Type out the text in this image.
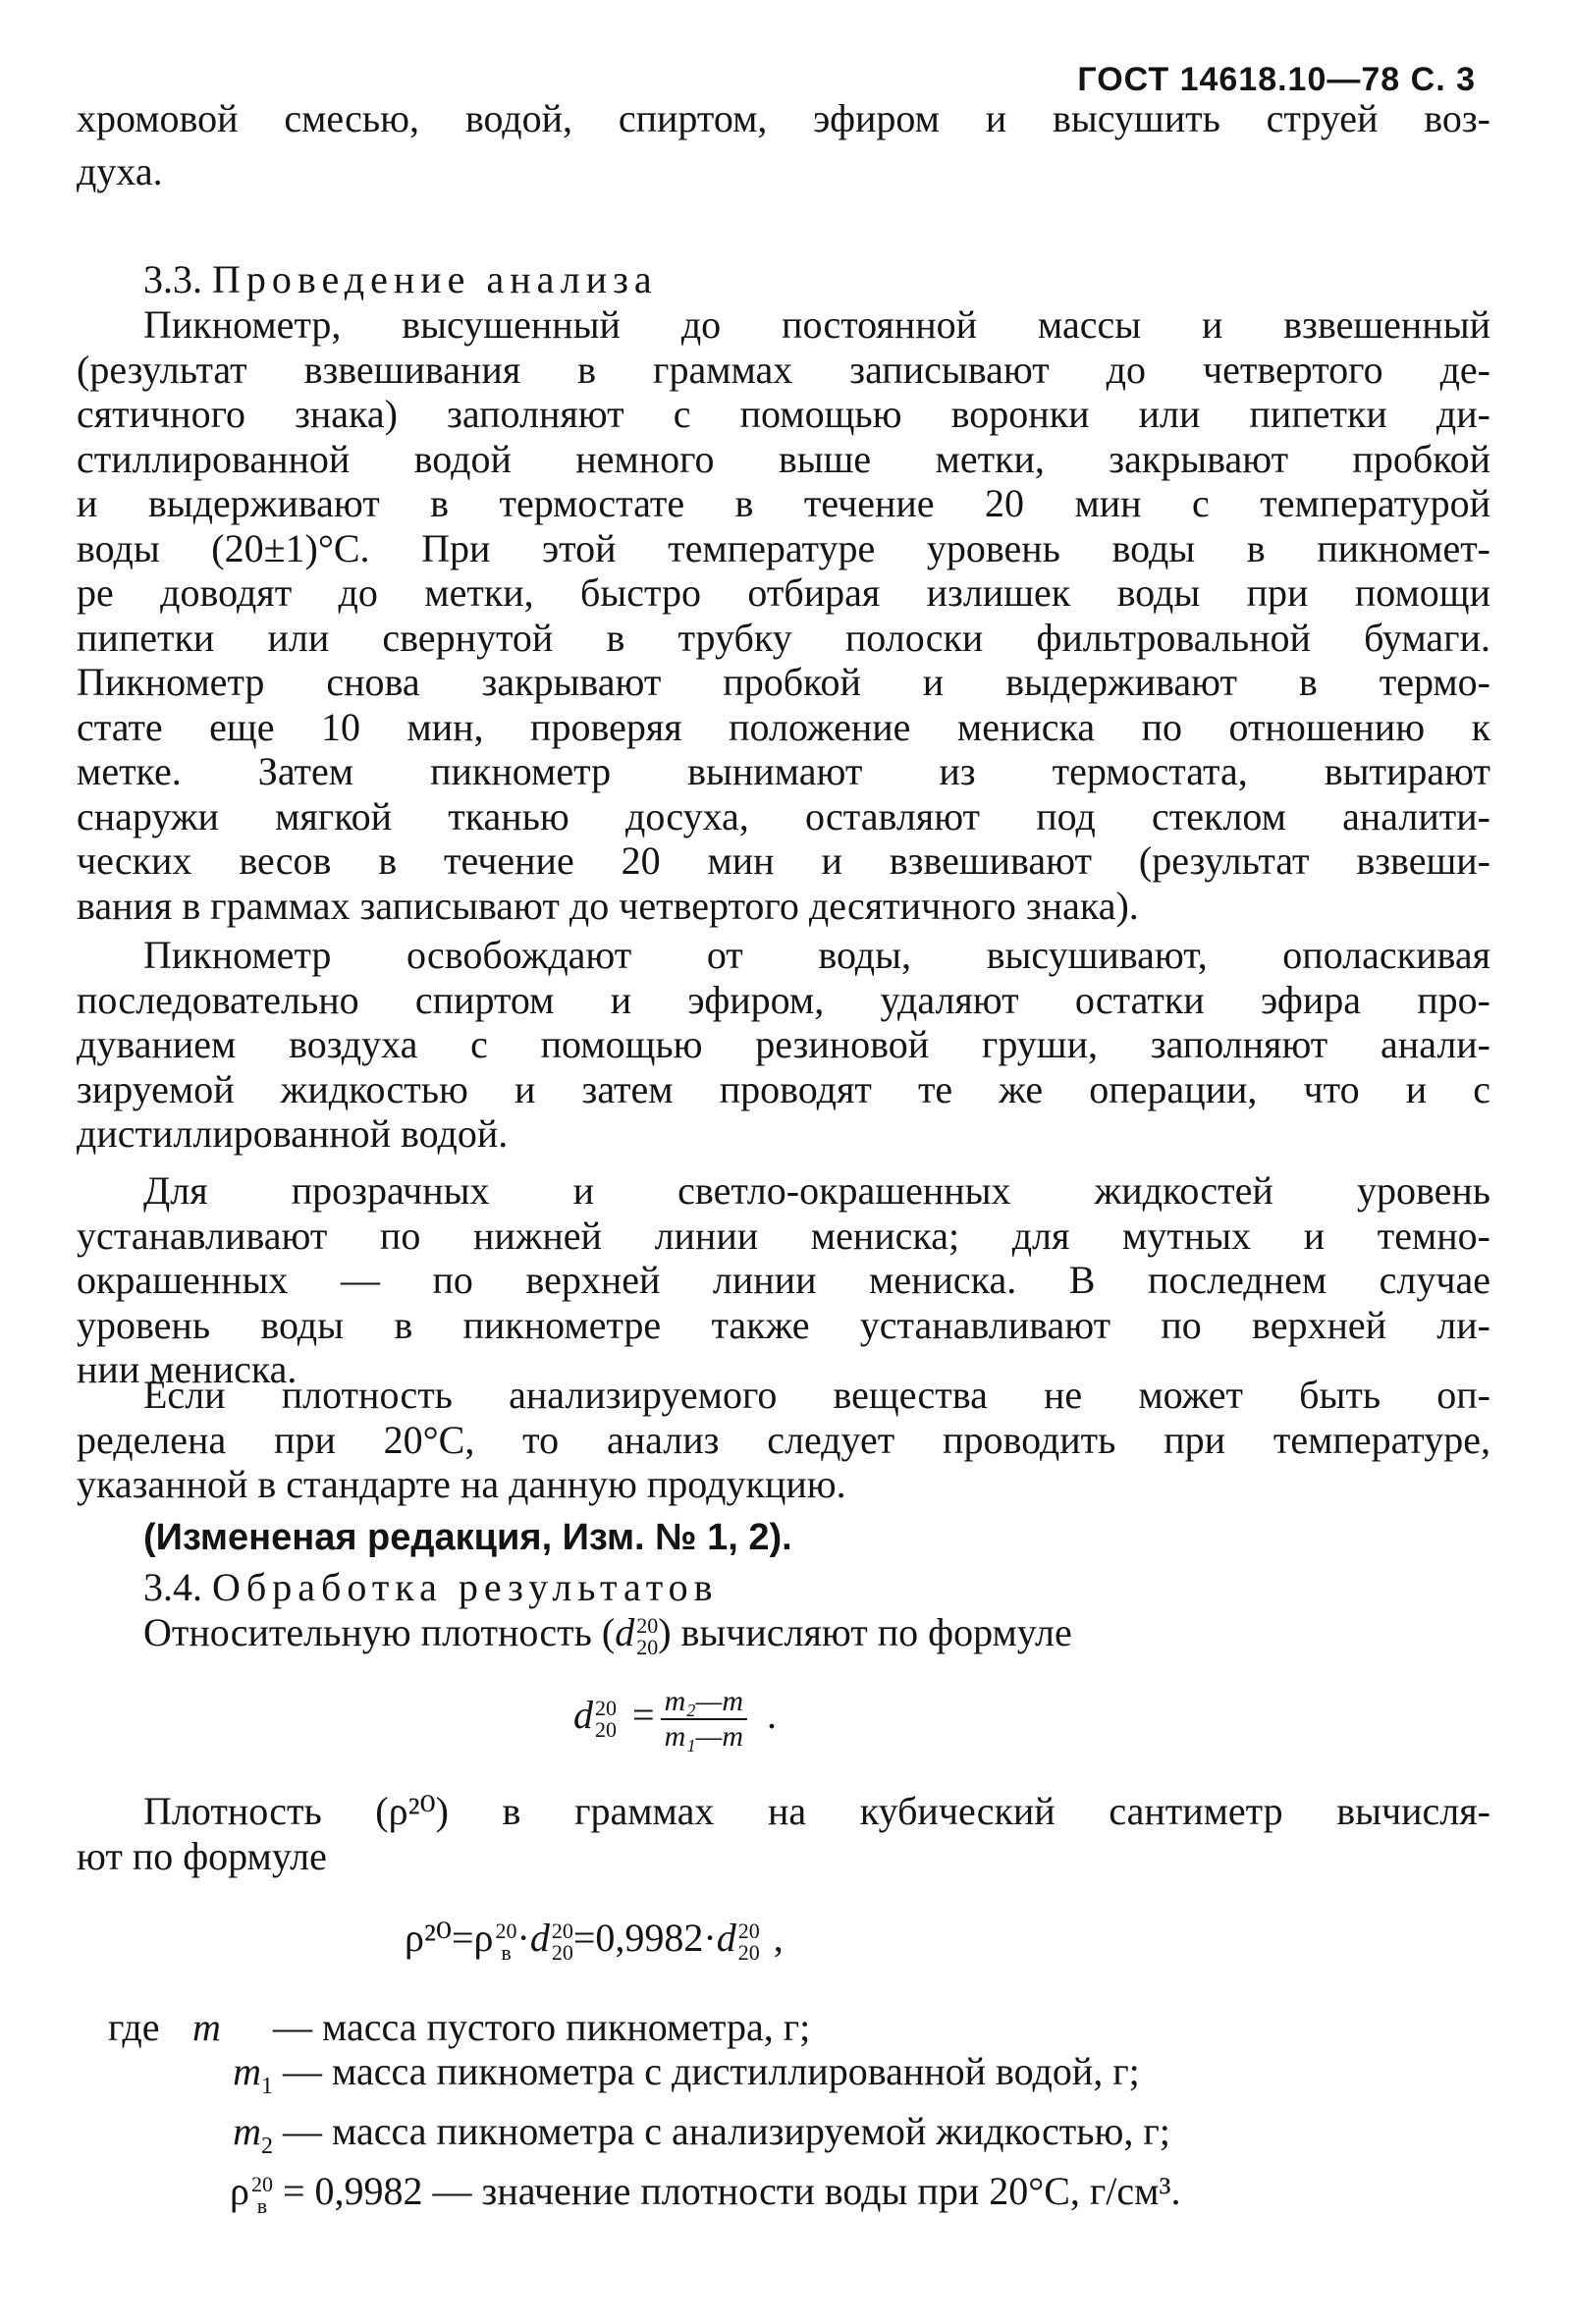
ГОСТ 14618.10—78 С. 3
хромовой смесью, водой, спиртом, эфиром и высушить струей воз-
духа.
3.3. Проведение анализа
Пикнометр, высушенный до постоянной массы и взвешенный
(результат взвешивания в граммах записывают до четвертого де-
сятичного знака) заполняют с помощью воронки или пипетки ди-
стиллированной водой немного выше метки, закрывают пробкой
и выдерживают в термостате в течение 20 мин с температурой
воды (20±1)°С. При этой температуре уровень воды в пикномет-
ре доводят до метки, быстро отбирая излишек воды при помощи
пипетки или свернутой в трубку полоски фильтровальной бумаги.
Пикнометр снова закрывают пробкой и выдерживают в термо-
стате еще 10 мин, проверяя положение мениска по отношению к
метке. Затем пикнометр вынимают из термостата, вытирают
снаружи мягкой тканью досуха, оставляют под стеклом аналити-
ческих весов в течение 20 мин и взвешивают (результат взвеши-
вания в граммах записывают до четвертого десятичного знака).
Пикнометр освобождают от воды, высушивают, ополаскивая
последовательно спиртом и эфиром, удаляют остатки эфира про-
дуванием воздуха с помощью резиновой груши, заполняют анали-
зируемой жидкостью и затем проводят те же операции, что и с
дистиллированной водой.
Для прозрачных и светло-окрашенных жидкостей уровень
устанавливают по нижней линии мениска; для мутных и темно-
окрашенных — по верхней линии мениска. В последнем случае
уровень воды в пикнометре также устанавливают по верхней ли-
нии мениска.
Если плотность анализируемого вещества не может быть оп-
ределена при 20°С, то анализ следует проводить при температуре,
указанной в стандарте на данную продукцию.
(Измененая редакция, Изм. № 1, 2).
3.4. Обработка результатов
Относительную плотность (d20
20) вычисляют по формуле
d20
$20 = \frac{\text{m₂—m}}{\text{m₁—m}}$ .
Плотность (ρ²⁰) в граммах на кубический сантиметр вычисля-
ют по формуле
ρ²⁰=ρ20
в ·d20
20=0,9982·d20
20 ,
где m — масса пустого пикнометра, г;
$m_1$ — масса пикнометра с дистиллированной водой, г;
$m_2$ — масса пикнометра с анализируемой жидкостью, г;
ρ20
в = 0,9982 — значение плотности воды при 20°С, г/см³.
